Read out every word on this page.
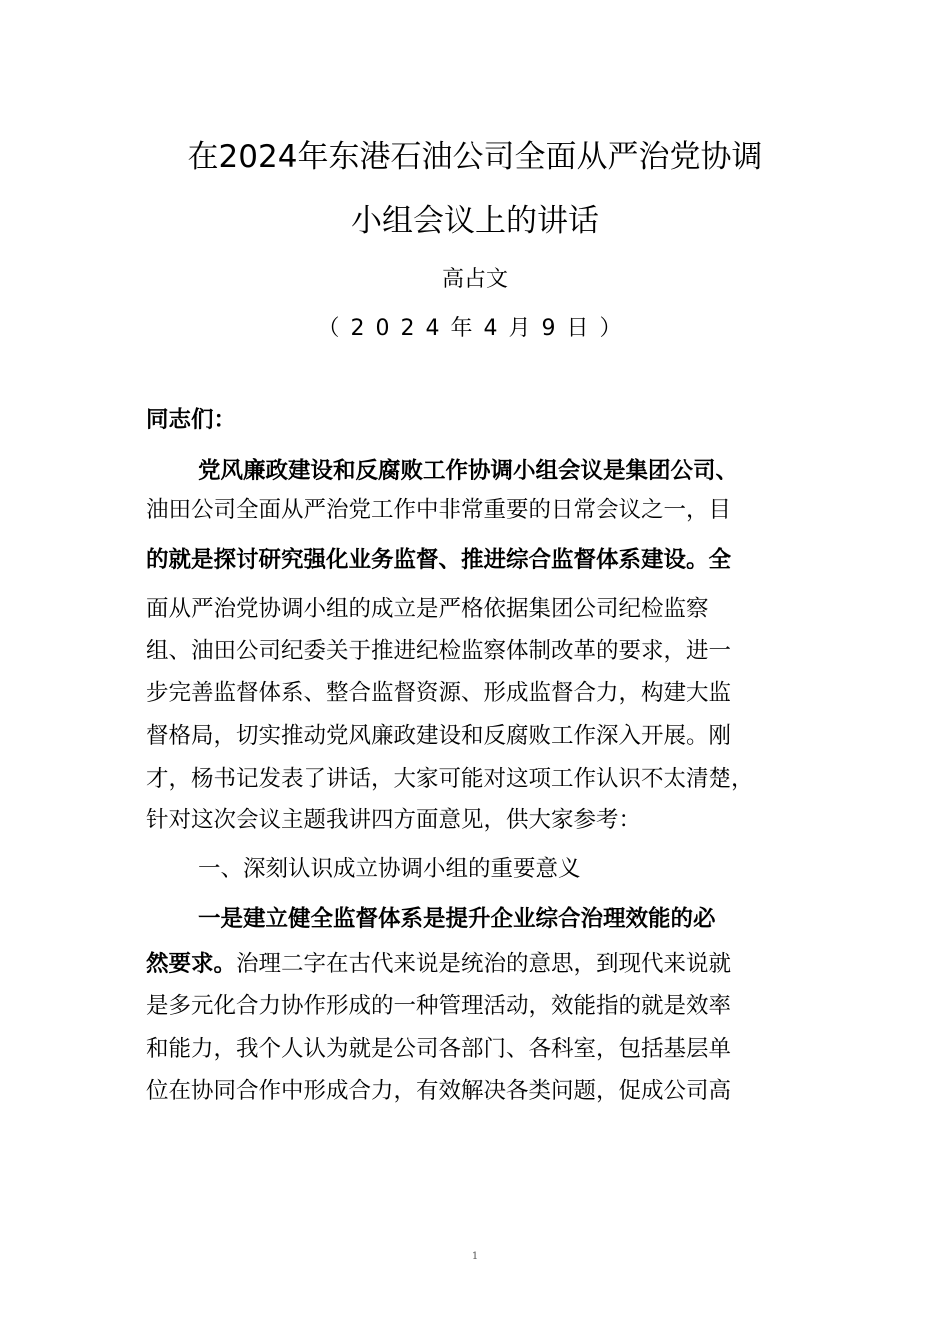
在2024年东港石油公司全面从严治党协调
小组会议上的讲话
高占文
（2024年4月9日）
同志们：
党风廉政建设和反腐败工作协调小组会议是集团公司、
油田公司全面从严治党工作中非常重要的日常会议之一，目
的就是探讨研究强化业务监督、推进综合监督体系建设。全
面从严治党协调小组的成立是严格依据集团公司纪检监察
组、油田公司纪委关于推进纪检监察体制改革的要求，进一
步完善监督体系、整合监督资源、形成监督合力，构建大监
督格局，切实推动党风廉政建设和反腐败工作深入开展。刚
才，杨书记发表了讲话，大家可能对这项工作认识不太清楚，
针对这次会议主题我讲四方面意见，供大家参考：
一、深刻认识成立协调小组的重要意义
一是建立健全监督体系是提升企业综合治理效能的必
然要求。治理二字在古代来说是统治的意思，到现代来说就
是多元化合力协作形成的一种管理活动，效能指的就是效率
和能力，我个人认为就是公司各部门、各科室，包括基层单
位在协同合作中形成合力，有效解决各类问题，促成公司高
1
